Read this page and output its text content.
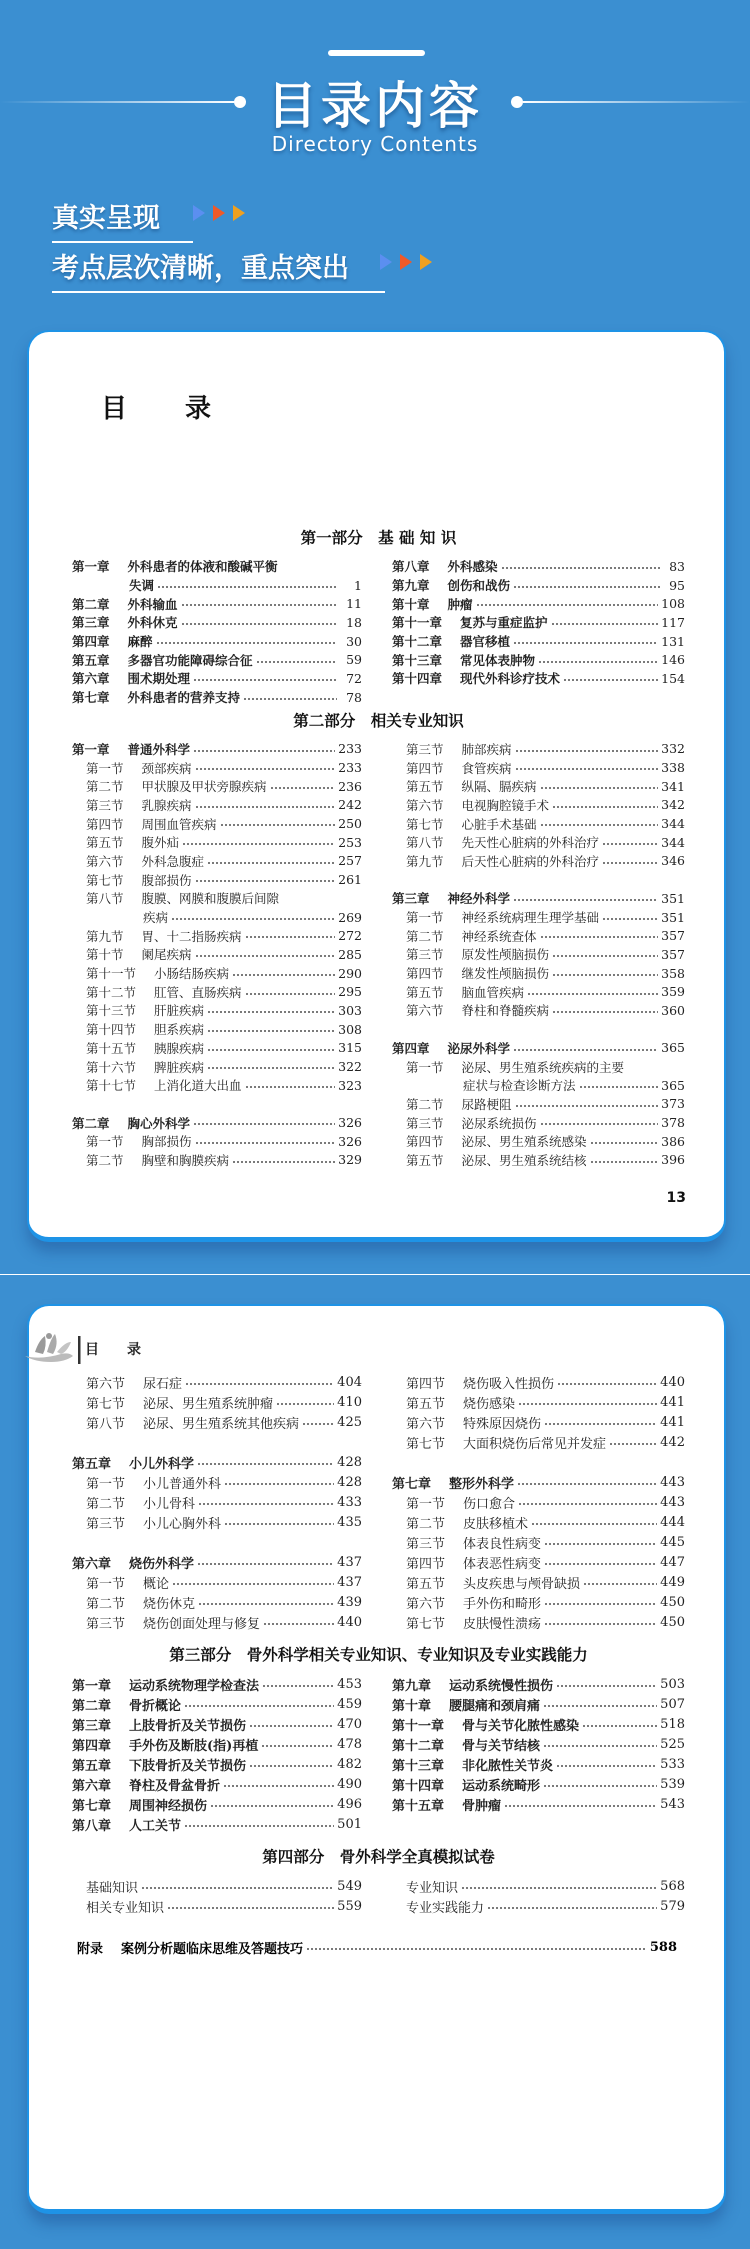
目录内容
Directory Contents
真实呈现
考点层次清晰，重点突出
目　　录
第一部分　基 础 知 识
第一章 外科患者的体液和酸碱平衡
失调	1
第二章 外科输血	11
第三章 外科休克	18
第四章 麻醉	30
第五章 多器官功能障碍综合征	59
第六章 围术期处理	72
第七章 外科患者的营养支持	78
第八章 外科感染	83
第九章 创伤和战伤	95
第十章 肿瘤	108
第十一章 复苏与重症监护	117
第十二章 器官移植	131
第十三章 常见体表肿物	146
第十四章 现代外科诊疗技术	154
第二部分　相关专业知识
第一章 普通外科学	233
第一节 颈部疾病	233
第二节 甲状腺及甲状旁腺疾病	236
第三节 乳腺疾病	242
第四节 周围血管疾病	250
第五节 腹外疝	253
第六节 外科急腹症	257
第七节 腹部损伤	261
第八节 腹膜、网膜和腹膜后间隙
疾病	269
第九节 胃、十二指肠疾病	272
第十节 阑尾疾病	285
第十一节 小肠结肠疾病	290
第十二节 肛管、直肠疾病	295
第十三节 肝脏疾病	303
第十四节 胆系疾病	308
第十五节 胰腺疾病	315
第十六节 脾脏疾病	322
第十七节 上消化道大出血	323
第二章 胸心外科学	326
第一节 胸部损伤	326
第二节 胸壁和胸膜疾病	329
第三节 肺部疾病	332
第四节 食管疾病	338
第五节 纵隔、膈疾病	341
第六节 电视胸腔镜手术	342
第七节 心脏手术基础	344
第八节 先天性心脏病的外科治疗	344
第九节 后天性心脏病的外科治疗	346
第三章 神经外科学	351
第一节 神经系统病理生理学基础	351
第二节 神经系统查体	357
第三节 原发性颅脑损伤	357
第四节 继发性颅脑损伤	358
第五节 脑血管疾病	359
第六节 脊柱和脊髓疾病	360
第四章 泌尿外科学	365
第一节 泌尿、男生殖系统疾病的主要
症状与检查诊断方法	365
第二节 尿路梗阻	373
第三节 泌尿系统损伤	378
第四节 泌尿、男生殖系统感染	386
第五节 泌尿、男生殖系统结核	396
13
目　　录
第六节 尿石症	404
第七节 泌尿、男生殖系统肿瘤	410
第八节 泌尿、男生殖系统其他疾病	425
第五章 小儿外科学	428
第一节 小儿普通外科	428
第二节 小儿骨科	433
第三节 小儿心胸外科	435
第六章 烧伤外科学	437
第一节 概论	437
第二节 烧伤休克	439
第三节 烧伤创面处理与修复	440
第四节 烧伤吸入性损伤	440
第五节 烧伤感染	441
第六节 特殊原因烧伤	441
第七节 大面积烧伤后常见并发症	442
第七章 整形外科学	443
第一节 伤口愈合	443
第二节 皮肤移植术	444
第三节 体表良性病变	445
第四节 体表恶性病变	447
第五节 头皮疾患与颅骨缺损	449
第六节 手外伤和畸形	450
第七节 皮肤慢性溃疡	450
第三部分　骨外科学相关专业知识、专业知识及专业实践能力
第一章 运动系统物理学检查法	453
第二章 骨折概论	459
第三章 上肢骨折及关节损伤	470
第四章 手外伤及断肢(指)再植	478
第五章 下肢骨折及关节损伤	482
第六章 脊柱及骨盆骨折	490
第七章 周围神经损伤	496
第八章 人工关节	501
第九章 运动系统慢性损伤	503
第十章 腰腿痛和颈肩痛	507
第十一章 骨与关节化脓性感染	518
第十二章 骨与关节结核	525
第十三章 非化脓性关节炎	533
第十四章 运动系统畸形	539
第十五章 骨肿瘤	543
第四部分　骨外科学全真模拟试卷
基础知识	549
相关专业知识	559
专业知识	568
专业实践能力	579
附录 案例分析题临床思维及答题技巧	588
